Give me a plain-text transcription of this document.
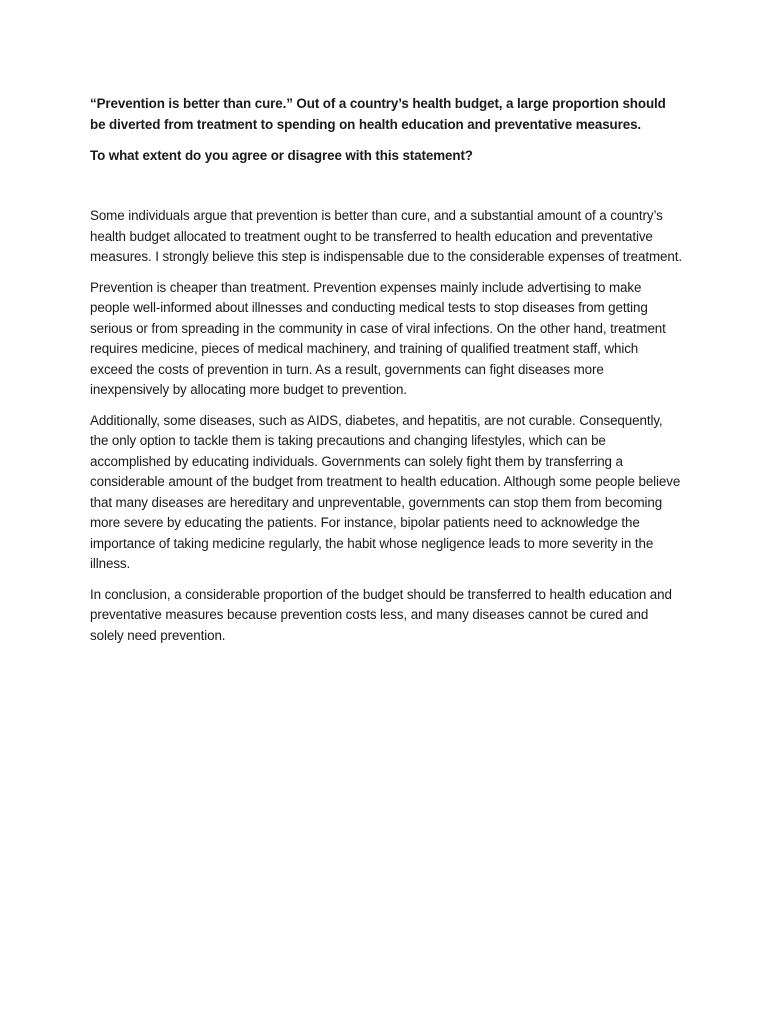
“Prevention is better than cure.” Out of a country’s health budget, a large proportion should be diverted from treatment to spending on health education and preventative measures.

To what extent do you agree or disagree with this statement?

Some individuals argue that prevention is better than cure, and a substantial amount of a country’s health budget allocated to treatment ought to be transferred to health education and preventative measures. I strongly believe this step is indispensable due to the considerable expenses of treatment.

Prevention is cheaper than treatment. Prevention expenses mainly include advertising to make people well-informed about illnesses and conducting medical tests to stop diseases from getting serious or from spreading in the community in case of viral infections. On the other hand, treatment requires medicine, pieces of medical machinery, and training of qualified treatment staff, which exceed the costs of prevention in turn. As a result, governments can fight diseases more inexpensively by allocating more budget to prevention.

Additionally, some diseases, such as AIDS, diabetes, and hepatitis, are not curable. Consequently, the only option to tackle them is taking precautions and changing lifestyles, which can be accomplished by educating individuals. Governments can solely fight them by transferring a considerable amount of the budget from treatment to health education. Although some people believe that many diseases are hereditary and unpreventable, governments can stop them from becoming more severe by educating the patients. For instance, bipolar patients need to acknowledge the importance of taking medicine regularly, the habit whose negligence leads to more severity in the illness.

In conclusion, a considerable proportion of the budget should be transferred to health education and preventative measures because prevention costs less, and many diseases cannot be cured and solely need prevention.
